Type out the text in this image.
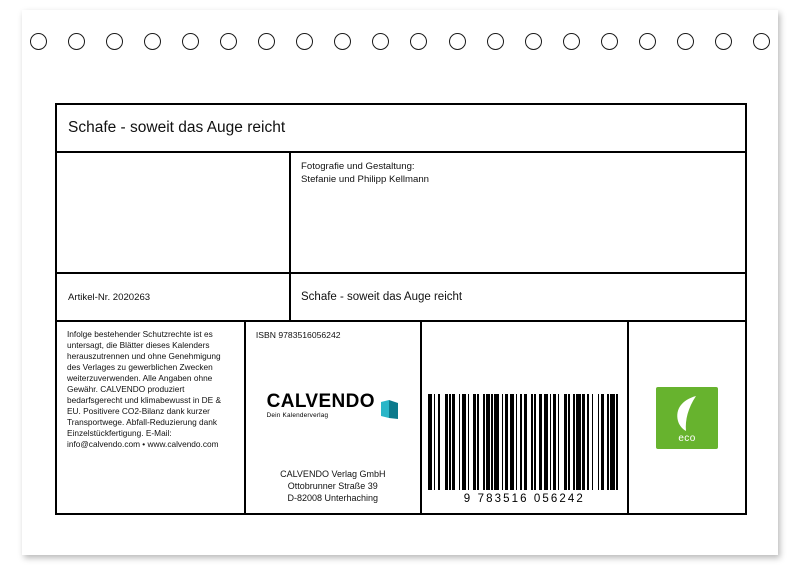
Schafe - soweit das Auge reicht
Fotografie und Gestaltung:
Stefanie und Philipp Kellmann
Artikel-Nr. 2020263	Schafe - soweit das Auge reicht
Infolge bestehender Schutzrechte ist es untersagt, die Blätter dieses Kalenders herauszutrennen und ohne Genehmigung des Verlages zu gewerblichen Zwecken weiterzuverwenden. Alle Angaben ohne Gewähr. CALVENDO produziert bedarfsgerecht und klimabewusst in DE & EU. Positivere CO2-Bilanz dank kurzer Transportwege. Abfall-Reduzierung dank Einzelstückfertigung. E-Mail: info@calvendo.com • www.calvendo.com
ISBN 9783516056242
CALVENDO
Dein Kalenderverlag
CALVENDO Verlag GmbH
Ottobrunner Straße 39
D-82008 Unterhaching	9 783516 056242
eco
